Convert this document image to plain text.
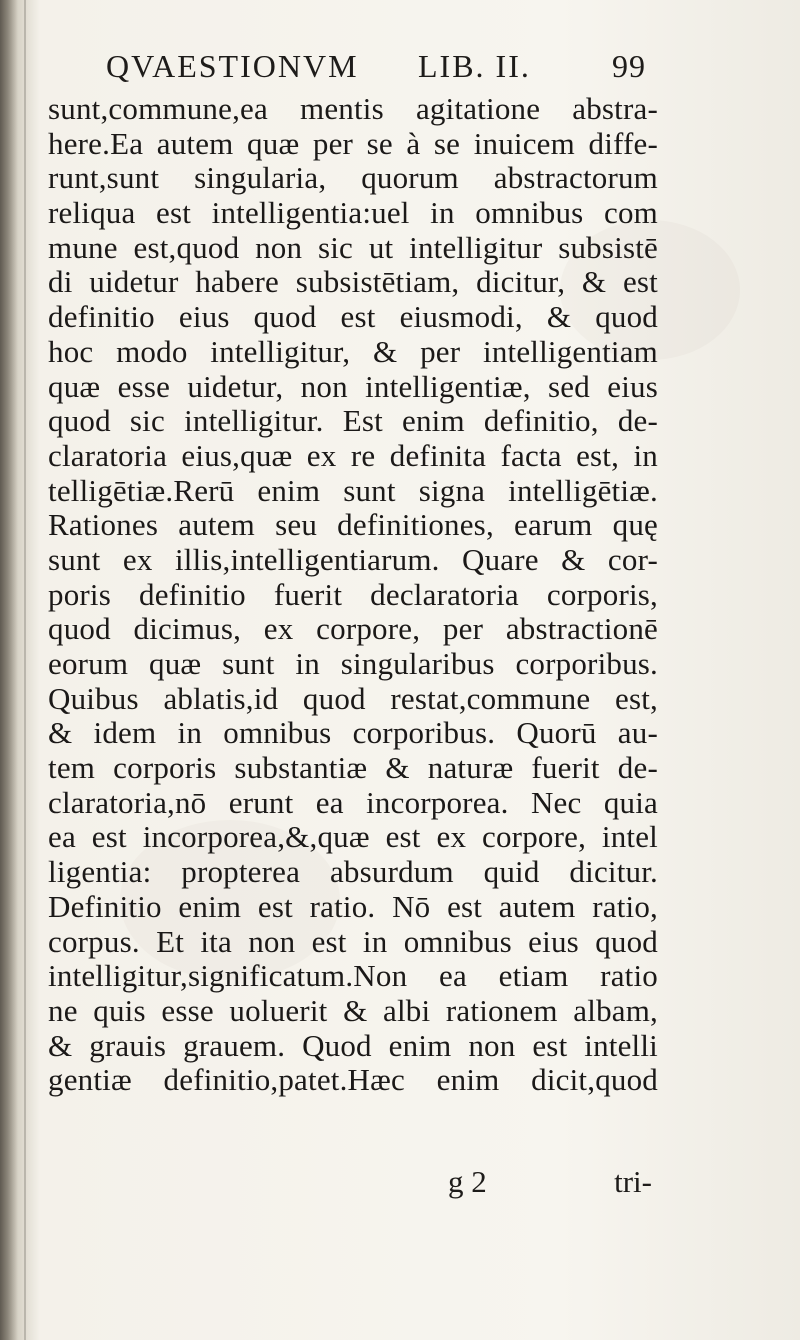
QVAESTIONVM LIB. II.	99
sunt,commune,ea mentis agitatione abstra-
here.Ea autem quæ per se à se inuicem diffe-
runt,sunt singularia, quorum abstractorum
reliqua est intelligentia:uel in omnibus com
mune est,quod non sic ut intelligitur subsistē
di uidetur habere subsistētiam, dicitur, & est
definitio eius quod est eiusmodi, & quod
hoc modo intelligitur, & per intelligentiam
quæ esse uidetur, non intelligentiæ, sed eius
quod sic intelligitur. Est enim definitio, de-
claratoria eius,quæ ex re definita facta est, in
telligētiæ.Rerū enim sunt signa intelligētiæ.
Rationes autem seu definitiones, earum quę
sunt ex illis,intelligentiarum. Quare & cor-
poris definitio fuerit declaratoria corporis,
quod dicimus, ex corpore, per abstractionē
eorum quæ sunt in singularibus corporibus.
Quibus ablatis,id quod restat,commune est,
& idem in omnibus corporibus. Quorū au-
tem corporis substantiæ & naturæ fuerit de-
claratoria,nō erunt ea incorporea. Nec quia
ea est incorporea,&,quæ est ex corpore, intel
ligentia: propterea absurdum quid dicitur.
Definitio enim est ratio. Nō est autem ratio,
corpus. Et ita non est in omnibus eius quod
intelligitur,significatum.Non ea etiam ratio
ne quis esse uoluerit & albi rationem albam,
& grauis grauem. Quod enim non est intelli
gentiæ definitio,patet.Hæc enim dicit,quod
g 2	tri-
